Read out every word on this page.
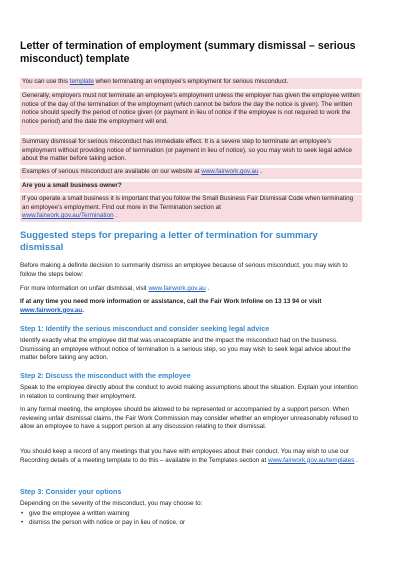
Letter of termination of employment (summary dismissal – serious misconduct) template
You can use this template when terminating an employee's employment for serious misconduct.
Generally, employers must not terminate an employee's employment unless the employer has given the employee written notice of the day of the termination of the employment (which cannot be before the day the notice is given). The written notice should specify the period of notice given (or payment in lieu of notice if the employee is not required to work the notice period) and the date the employment will end.
Summary dismissal for serious misconduct has immediate effect. It is a severe step to terminate an employee's employment without providing notice of termination (or payment in lieu of notice), so you may wish to seek legal advice about the matter before taking action.
Examples of serious misconduct are available on our website at www.fairwork.gov.au .
Are you a small business owner?
If you operate a small business it is important that you follow the Small Business Fair Dismissal Code when terminating an employee's employment. Find out more in the Termination section at
www.fairwork.gov.au/Termination .
Suggested steps for preparing a letter of termination for summary dismissal
Before making a definite decision to summarily dismiss an employee because of serious misconduct, you may wish to follow the steps below:
For more information on unfair dismissal, visit www.fairwork.gov.au .
If at any time you need more information or assistance, call the Fair Work Infoline on 13 13 94 or visit www.fairwork.gov.au.
Step 1: Identify the serious misconduct and consider seeking legal advice
Identify exactly what the employee did that was unacceptable and the impact the misconduct had on the business. Dismissing an employee without notice of termination is a serious step, so you may wish to seek legal advice about the matter before taking any action.
Step 2: Discuss the misconduct with the employee
Speak to the employee directly about the conduct to avoid making assumptions about the situation. Explain your intention in relation to continuing their employment.
In any formal meeting, the employee should be allowed to be represented or accompanied by a support person. When reviewing unfair dismissal claims, the Fair Work Commission may consider whether an employer unreasonably refused to allow an employee to have a support person at any discussion relating to their dismissal.
You should keep a record of any meetings that you have with employees about their conduct. You may wish to use our Recording details of a meeting template to do this – available in the Templates section at www.fairwork.gov.au/templates .
Step 3: Consider your options
Depending on the severity of the misconduct, you may choose to:
• give the employee a written warning
• dismiss the person with notice or pay in lieu of notice, or
